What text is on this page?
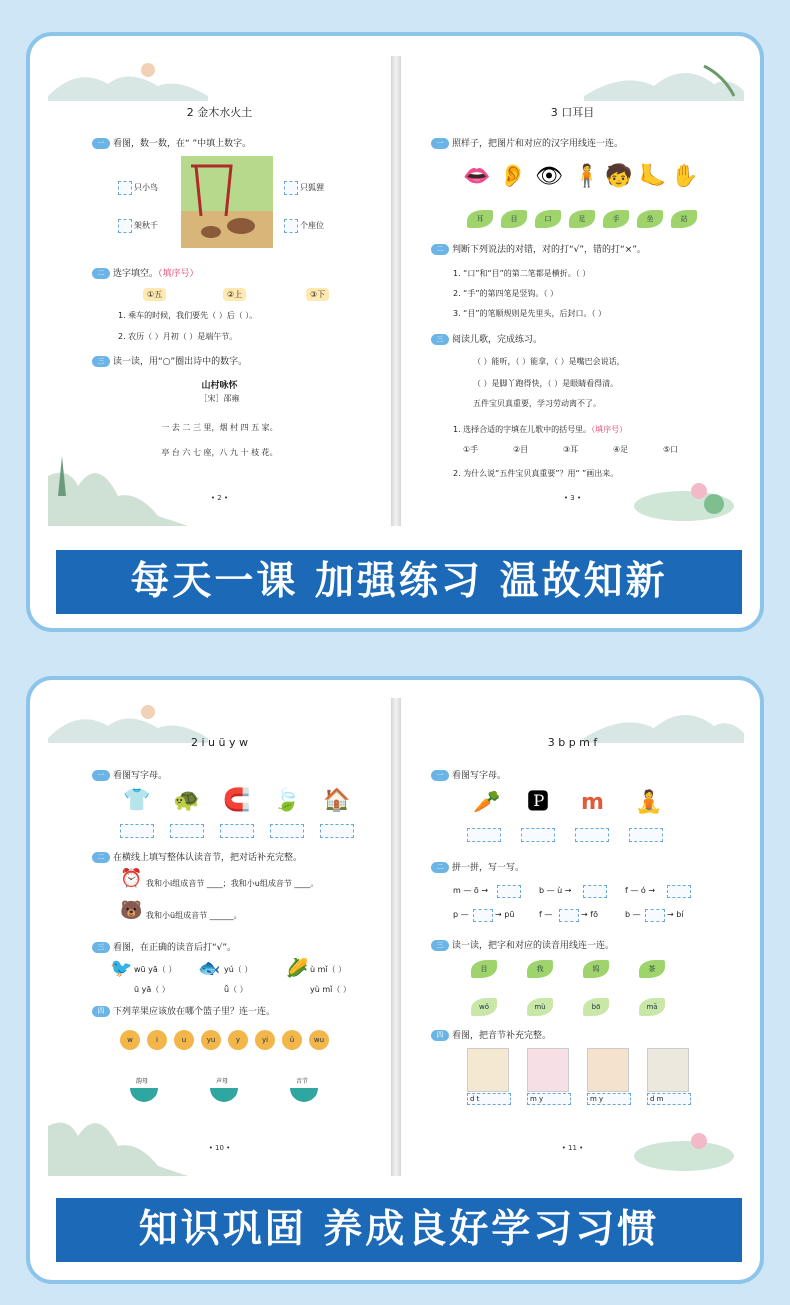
2 金木水火土
一 看图，数一数，在“ ”中填上数字。
只小鸟	只狐狸
架秋千	个座位
二 选字填空。（填序号）
①五	②上	③下
1. 乘车的时候，我们要先（ ）后（ ）。
2. 农历（ ）月初（ ）是端午节。
三 读一读，用“○”圈出诗中的数字。
山村咏怀
［宋］邵雍
一 去 二 三 里，烟 村 四 五 家。
亭 台 六 七 座，八 九 十 枝 花。
• 2 •
3 口耳目
一 照样子，把图片和对应的汉字用线连一连。
👄 👂 👁 🧍 🧒 🦶 ✋
耳	目	口	足	手	坐	站
二 判断下列说法的对错，对的打“√”，错的打“×”。
1. “口”和“目”的第二笔都是横折。（ ）
2. “手”的第四笔是竖钩。（ ）
3. “目”的笔顺规则是先里头，后封口。（ ）
三 阅读儿歌，完成练习。
（ ）能听，（ ）能拿，（ ）是嘴巴会说话，
（ ）是脚丫跑得快，（ ）是眼睛看得清。
五件宝贝真重要，学习劳动离不了。
1. 选择合适的字填在儿歌中的括号里。（填序号）
①手	②目	③耳	④足	⑤口
2. 为什么说“五件宝贝真重要”？用“ ”画出来。
• 3 •
每天一课 加强练习 温故知新
2 i u ü y w
一 看图写字母。
👕 🐢 🧲 🍃 🏠
二 在横线上填写整体认读音节，把对话补充完整。
⏰ 我和小i组成音节 ____；我和小u组成音节 ____。
🐻 我和小ü组成音节 ______。
三 看图，在正确的读音后打“√”。
🐦 wū yā（ ） 🐟 yú（ ） 🌽 ù mǐ（ ）
ū yā（ ）	ǚ（ ）	yù mǐ（ ）
四 下列苹果应该放在哪个篮子里？连一连。
w	i	u	yu	y	yi	ü	wu
韵母	声母	音节
• 10 •
3 b p m f
一 看图写字母。
🥕 🅿 m 🧘
二 拼一拼，写一写。
m — ō →	b — ù →	f — ó →
p —	→ pū	f —	→ fō	b —	→ bí
三 读一读，把字和对应的读音用线连一连。
目	我	钨	茶
wǒ	mù	bō	mā
四 看图，把音节补充完整。
d t	m y	m y	d m
• 11 •
知识巩固 养成良好学习习惯
